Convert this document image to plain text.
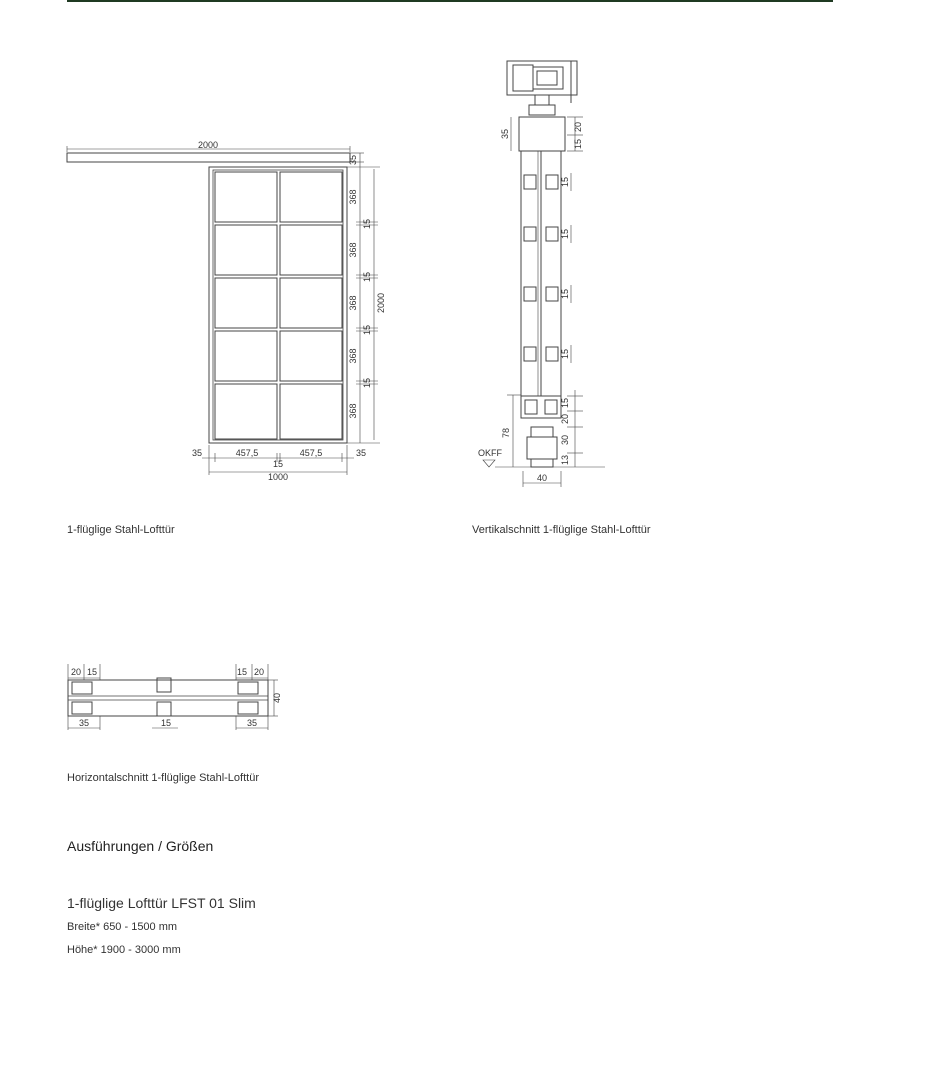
2000
35
368
15
368
15
368
15
368
15
368
2000
35	457,5	457,5	35
15
1000
35
20
15
15
15
15
15
15
20
30
13
78
OKFF
40
20 15	15 20
35	15	35
40
1-flüglige Stahl-Lofttür	Vertikalschnitt 1-flüglige Stahl-Lofttür
Horizontalschnitt 1-flüglige Stahl-Lofttür
Ausführungen / Größen
1-flüglige Lofttür LFST 01 Slim
Breite* 650 - 1500 mm
Höhe* 1900 - 3000 mm
